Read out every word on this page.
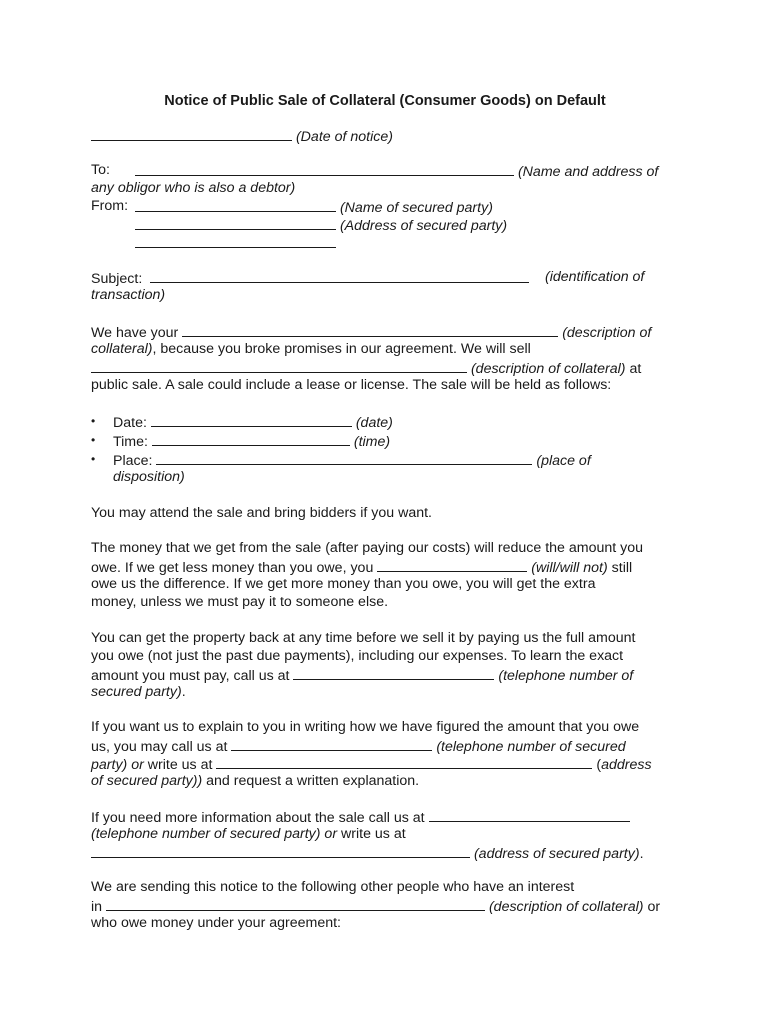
Notice of Public Sale of Collateral (Consumer Goods) on Default
(Date of notice)
To:	(Name and address of
any obligor who is also a debtor)
From:	(Name of secured party)
(Address of secured party)
Subject:	(identification of
transaction)
We have your	(description of
collateral), because you broke promises in our agreement. We will sell
(description of collateral) at
public sale. A sale could include a lease or license. The sale will be held as follows:
• Date:	(date)
• Time:	(time)
• Place:	(place of
disposition)
You may attend the sale and bring bidders if you want.
The money that we get from the sale (after paying our costs) will reduce the amount you
owe. If we get less money than you owe, you	(will/will not) still
owe us the difference. If we get more money than you owe, you will get the extra
money, unless we must pay it to someone else.
You can get the property back at any time before we sell it by paying us the full amount
you owe (not just the past due payments), including our expenses. To learn the exact
amount you must pay, call us at	(telephone number of
secured party).
If you want us to explain to you in writing how we have figured the amount that you owe
us, you may call us at	(telephone number of secured
party) or write us at	(address
of secured party)) and request a written explanation.
If you need more information about the sale call us at
(telephone number of secured party) or write us at
(address of secured party).
We are sending this notice to the following other people who have an interest
in	(description of collateral) or
who owe money under your agreement:
